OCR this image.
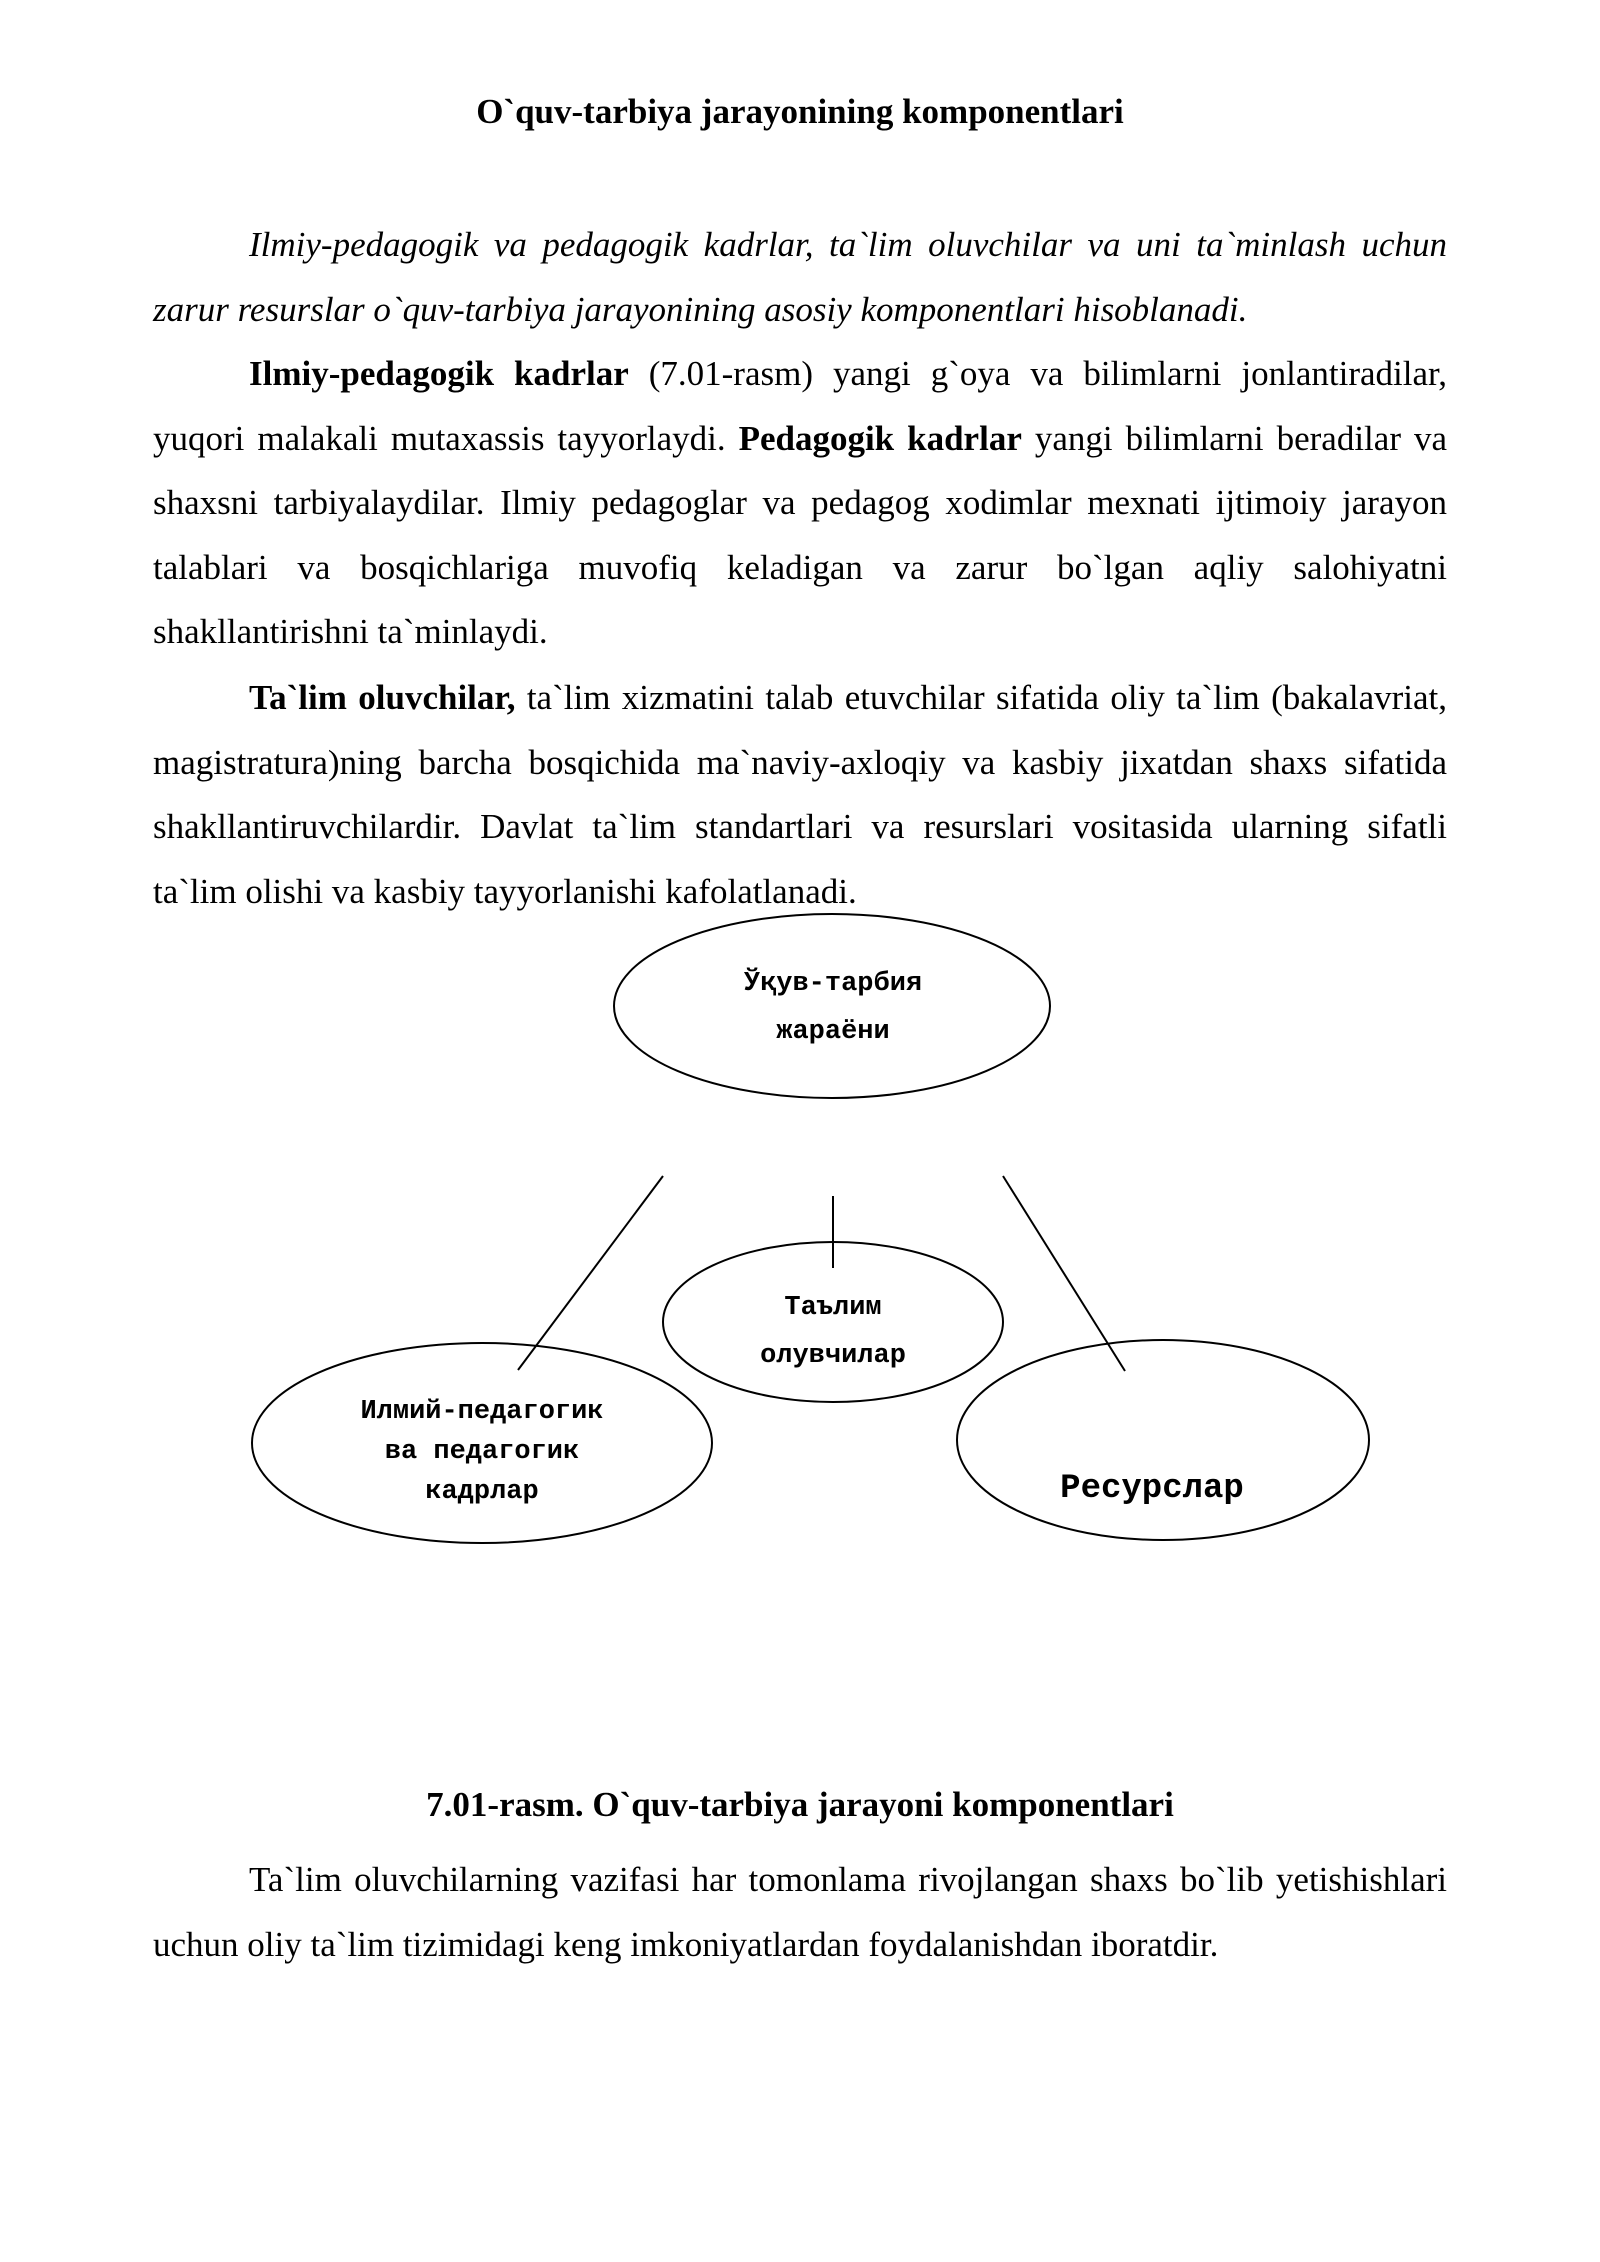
O`quv-tarbiya jarayonining komponentlari

Ilmiy-pedagogik va pedagogik kadrlar, ta`lim oluvchilar va uni ta`minlash uchun zarur resurslar o`quv-tarbiya jarayonining asosiy komponentlari hisoblanadi.

Ilmiy-pedagogik kadrlar (7.01-rasm) yangi g`oya va bilimlarni jonlantiradilar, yuqori malakali mutaxassis tayyorlaydi. Pedagogik kadrlar yangi bilimlarni beradilar va shaxsni tarbiyalaydilar. Ilmiy pedagoglar va pedagog xodimlar mexnati ijtimoiy jarayon talablari va bosqichlariga muvofiq keladigan va zarur bo`lgan aqliy salohiyatni shakllantirishni ta`minlaydi.

Ta`lim oluvchilar, ta`lim xizmatini talab etuvchilar sifatida oliy ta`lim (bakalavriat, magistratura)ning barcha bosqichida ma`naviy-axloqiy va kasbiy jixatdan shaxs sifatida shakllantiruvchilardir. Davlat ta`lim standartlari va resurslari vositasida ularning sifatli ta`lim olishi va kasbiy tayyorlanishi kafolatlanadi.

Ўқув-тарбия
жараёни
Таълим
олувчилар
Илмий-педагогик
ва педагогик
кадрлар	Ресурслар
7.01-rasm. O`quv-tarbiya jarayoni komponentlari

Ta`lim oluvchilarning vazifasi har tomonlama rivojlangan shaxs bo`lib yetishishlari uchun oliy ta`lim tizimidagi keng imkoniyatlardan foydalanishdan iboratdir.
